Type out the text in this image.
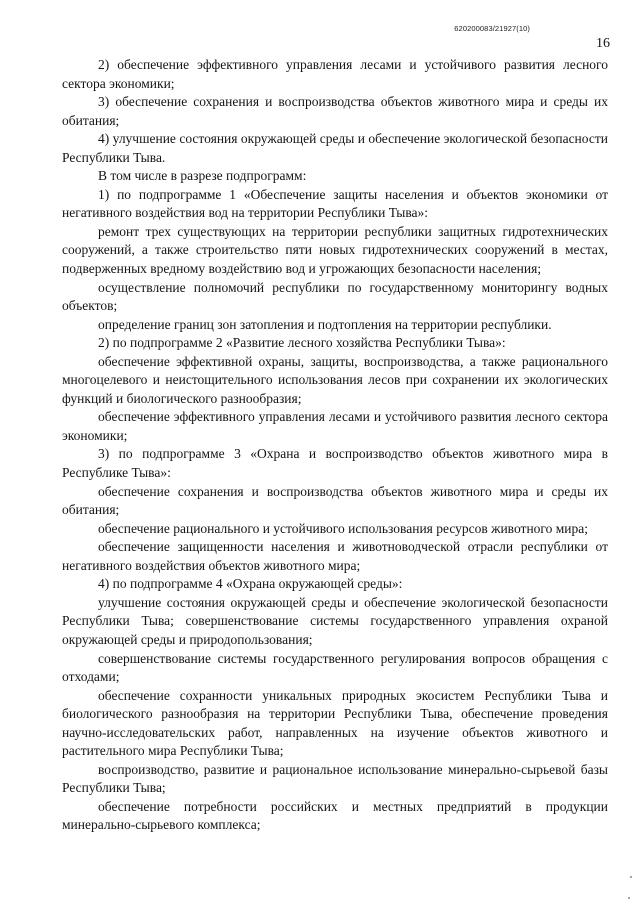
620200083/21927(10)
16

2) обеспечение эффективного управления лесами и устойчивого развития лесного сектора экономики;

3) обеспечение сохранения и воспроизводства объектов животного мира и среды их обитания;

4) улучшение состояния окружающей среды и обеспечение экологической безопасности Республики Тыва.

В том числе в разрезе подпрограмм:

1) по подпрограмме 1 «Обеспечение защиты населения и объектов экономики от негативного воздействия вод на территории Республики Тыва»:

ремонт трех существующих на территории республики защитных гидротехнических сооружений, а также строительство пяти новых гидротехнических сооружений в местах, подверженных вредному воздействию вод и угрожающих безопасности населения;

осуществление полномочий республики по государственному мониторингу водных объектов;

определение границ зон затопления и подтопления на территории республики.

2) по подпрограмме 2 «Развитие лесного хозяйства Республики Тыва»:

обеспечение эффективной охраны, защиты, воспроизводства, а также рационального многоцелевого и неистощительного использования лесов при сохранении их экологических функций и биологического разнообразия;

обеспечение эффективного управления лесами и устойчивого развития лесного сектора экономики;

3) по подпрограмме 3 «Охрана и воспроизводство объектов животного мира в Республике Тыва»:

обеспечение сохранения и воспроизводства объектов животного мира и среды их обитания;

обеспечение рационального и устойчивого использования ресурсов животного мира;

обеспечение защищенности населения и животноводческой отрасли республики от негативного воздействия объектов животного мира;

4) по подпрограмме 4 «Охрана окружающей среды»:

улучшение состояния окружающей среды и обеспечение экологической безопасности Республики Тыва; совершенствование системы государственного управления охраной окружающей среды и природопользования;

совершенствование системы государственного регулирования вопросов обращения с отходами;

обеспечение сохранности уникальных природных экосистем Республики Тыва и биологического разнообразия на территории Республики Тыва, обеспечение проведения научно-исследовательских работ, направленных на изучение объектов животного и растительного мира Республики Тыва;

воспроизводство, развитие и рациональное использование минерально-сырьевой базы Республики Тыва;

обеспечение потребности российских и местных предприятий в продукции минерально-сырьевого комплекса;
